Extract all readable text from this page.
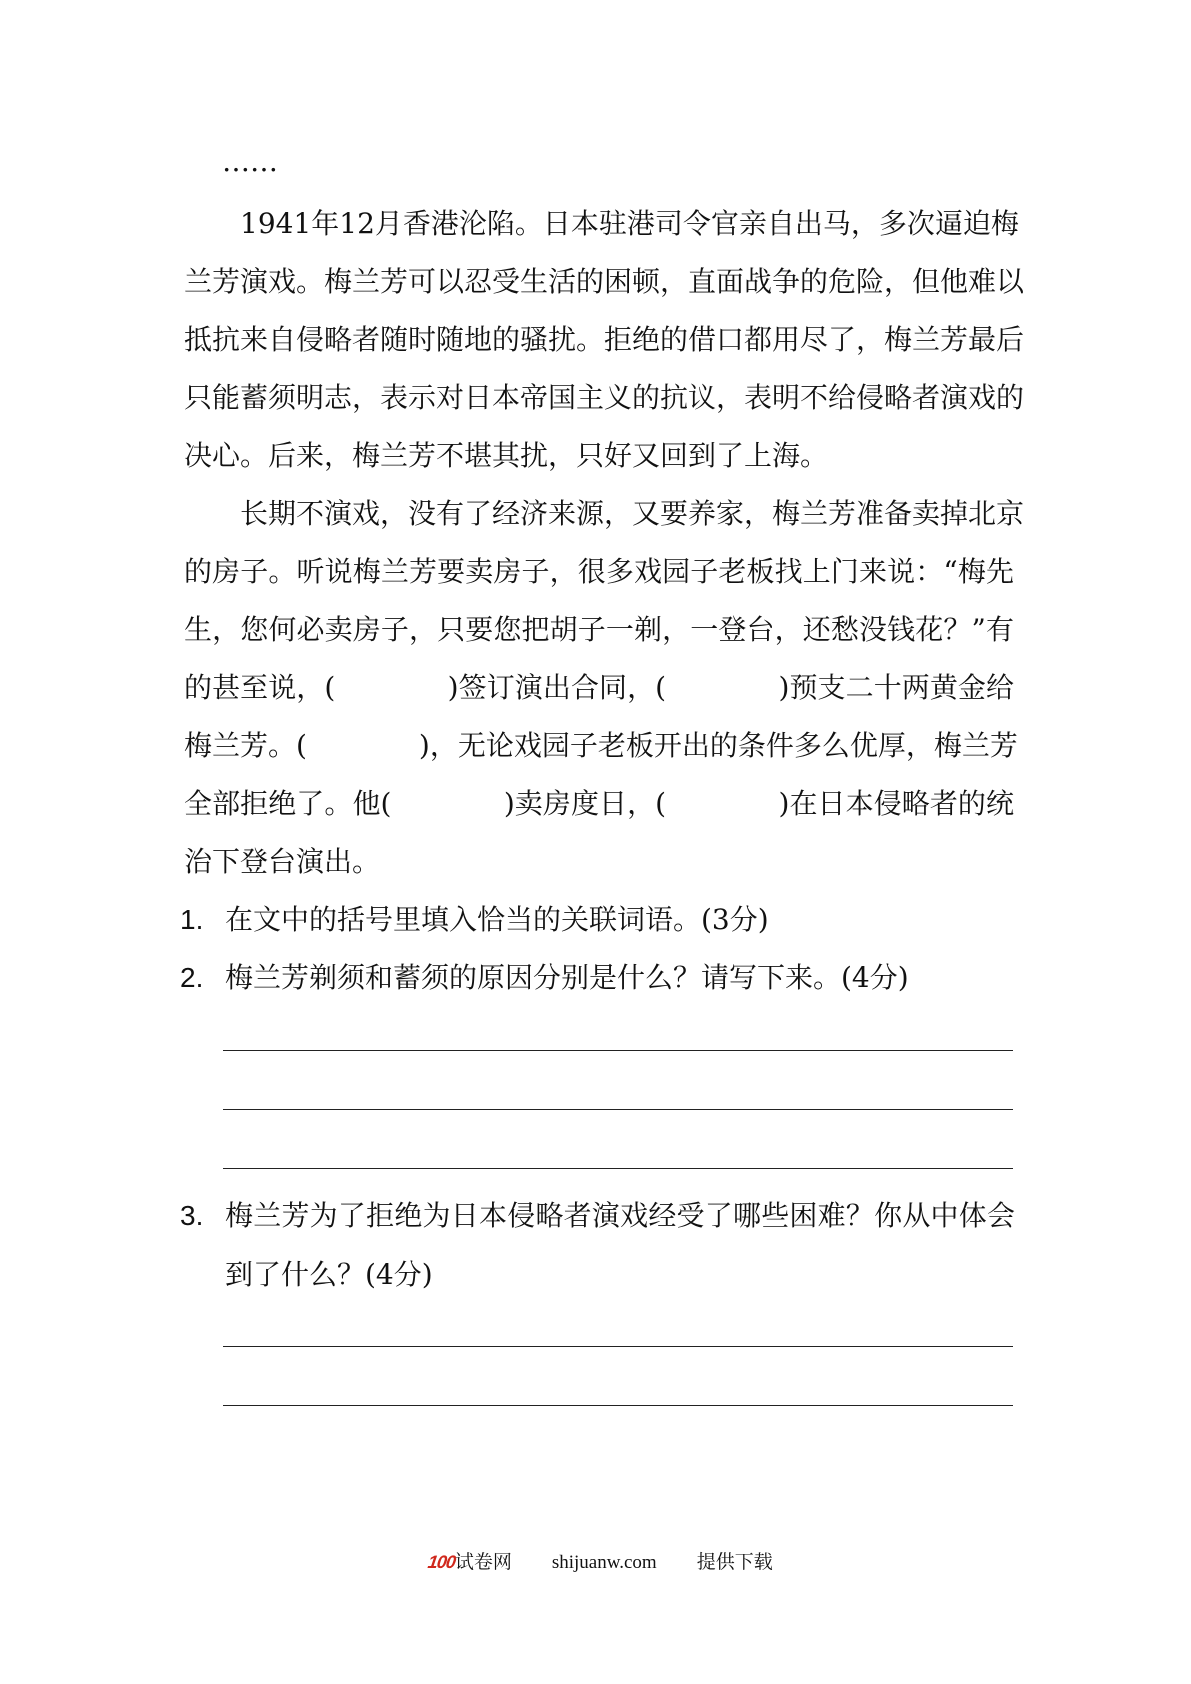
……
　　1941年12月香港沦陷。日本驻港司令官亲自出马，多次逼迫梅
兰芳演戏。梅兰芳可以忍受生活的困顿，直面战争的危险，但他难以
抵抗来自侵略者随时随地的骚扰。拒绝的借口都用尽了，梅兰芳最后
只能蓄须明志，表示对日本帝国主义的抗议，表明不给侵略者演戏的
决心。后来，梅兰芳不堪其扰，只好又回到了上海。
　　长期不演戏，没有了经济来源，又要养家，梅兰芳准备卖掉北京
的房子。听说梅兰芳要卖房子，很多戏园子老板找上门来说：“梅先
生，您何必卖房子，只要您把胡子一剃，一登台，还愁没钱花？”有
的甚至说，(　　　　)签订演出合同，(　　　　)预支二十两黄金给
梅兰芳。(　　　　)，无论戏园子老板开出的条件多么优厚，梅兰芳
全部拒绝了。他(　　　　)卖房度日，(　　　　)在日本侵略者的统
治下登台演出。
1. 在文中的括号里填入恰当的关联词语。(3分)
2. 梅兰芳剃须和蓄须的原因分别是什么？请写下来。(4分)
3. 梅兰芳为了拒绝为日本侵略者演戏经受了哪些困难？你从中体会
到了什么？(4分)

100试卷网 shijuanw.com 提供下载
